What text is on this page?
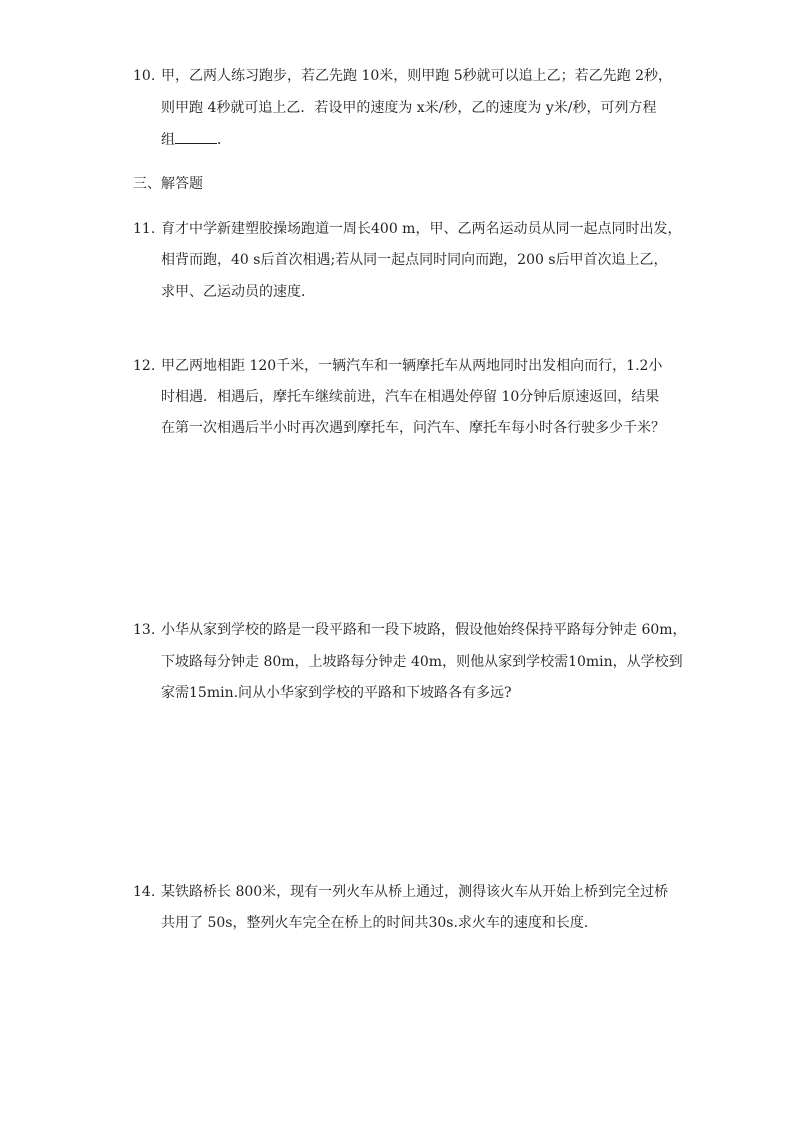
10. 甲，乙两人练习跑步，若乙先跑 10米，则甲跑 5秒就可以追上乙；若乙先跑 2秒，
则甲跑 4秒就可追上乙．若设甲的速度为 x米/秒，乙的速度为 y米/秒，可列方程
组	．
三、解答题
11. 育才中学新建塑胶操场跑道一周长400 m，甲、乙两名运动员从同一起点同时出发，
相背而跑，40 s后首次相遇;若从同一起点同时同向而跑，200 s后甲首次追上乙，
求甲、乙运动员的速度．
12. 甲乙两地相距 120千米，一辆汽车和一辆摩托车从两地同时出发相向而行，1.2小
时相遇．相遇后，摩托车继续前进，汽车在相遇处停留 10分钟后原速返回，结果
在第一次相遇后半小时再次遇到摩托车，问汽车、摩托车每小时各行驶多少千米？
13. 小华从家到学校的路是一段平路和一段下坡路，假设他始终保持平路每分钟走 60m，
下坡路每分钟走 80m，上坡路每分钟走 40m，则他从家到学校需10min，从学校到
家需15min.问从小华家到学校的平路和下坡路各有多远?
14. 某铁路桥长 800米，现有一列火车从桥上通过，测得该火车从开始上桥到完全过桥
共用了 50s，整列火车完全在桥上的时间共30s.求火车的速度和长度．
